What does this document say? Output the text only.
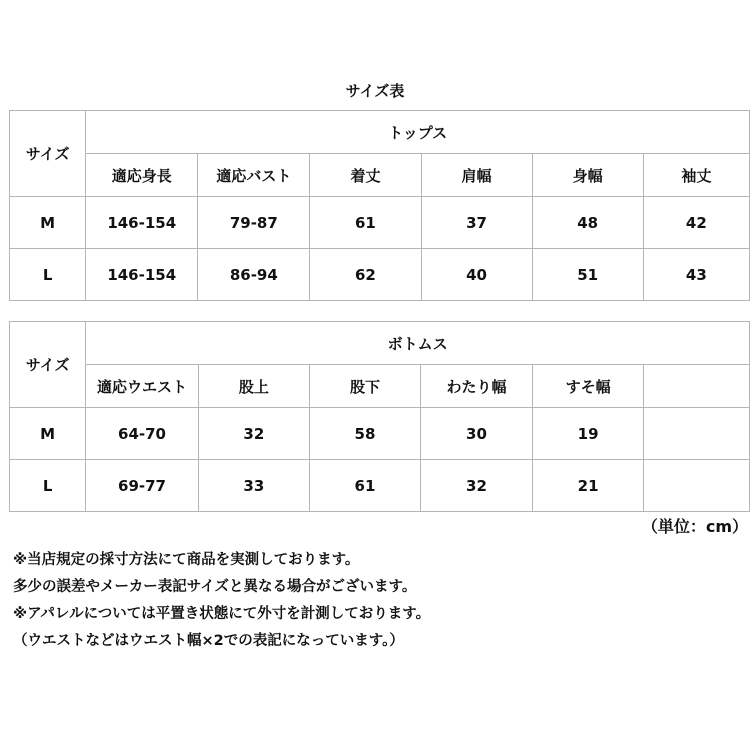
サイズ表
サイズ	トップス					
	適応身長	適応バスト	着丈	肩幅	身幅	袖丈
M	146-154	79-87	61	37	48	42
L	146-154	86-94	62	40	51	43
サイズ	ボトムス					
	適応ウエスト	股上	股下	わたり幅	すそ幅	
M	64-70	32	58	30	19	
L	69-77	33	61	32	21	
（単位：cm）
※当店規定の採寸方法にて商品を実測しております。
多少の誤差やメーカー表記サイズと異なる場合がございます。
※アパレルについては平置き状態にて外寸を計測しております。
（ウエストなどはウエスト幅×2での表記になっています。）
